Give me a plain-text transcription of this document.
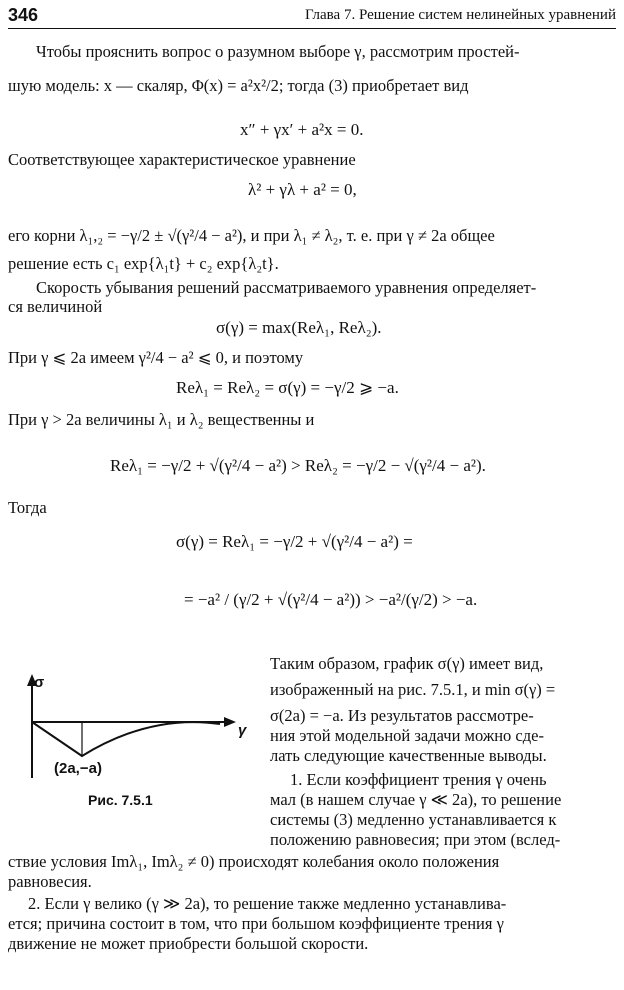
346	Глава 7. Решение систем нелинейных уравнений
Чтобы прояснить вопрос о разумном выборе γ, рассмотрим простей-
шую модель: x — скаляр, Φ(x) = a²x²/2; тогда (3) приобретает вид
x″ + γx′ + a²x = 0.
Соответствующее характеристическое уравнение
λ² + γλ + a² = 0,
его корни λ₁,₂ = −γ/2 ± √(γ²/4 − a²), и при λ₁ ≠ λ₂, т. е. при γ ≠ 2a общее
решение есть c₁ exp{λ₁t} + c₂ exp{λ₂t}.
Скорость убывания решений рассматриваемого уравнения определяет-
ся величиной
σ(γ) = max(Reλ₁, Reλ₂).
При γ ⩽ 2a имеем γ²/4 − a² ⩽ 0, и поэтому
Reλ₁ = Reλ₂ = σ(γ) = −γ/2 ⩾ −a.
При γ > 2a величины λ₁ и λ₂ вещественны и
Reλ₁ = −γ/2 + √(γ²/4 − a²) > Reλ₂ = −γ/2 − √(γ²/4 − a²).
Тогда
σ(γ) = Reλ₁ = −γ/2 + √(γ²/4 − a²) =
= −a² / (γ/2 + √(γ²/4 − a²)) > −a²/(γ/2) > −a.
σ
γ
(2a,−a)
Рис. 7.5.1
Таким образом, график σ(γ) имеет вид,
изображенный на рис. 7.5.1, и min σ(γ) =
σ(2a) = −a. Из результатов рассмотре-
ния этой модельной задачи можно сде-
лать следующие качественные выводы.
1. Если коэффициент трения γ очень
мал (в нашем случае γ ≪ 2a), то решение
системы (3) медленно устанавливается к
положению равновесия; при этом (вслед-
ствие условия Imλ₁, Imλ₂ ≠ 0) происходят колебания около положения
равновесия.
2. Если γ велико (γ ≫ 2a), то решение также медленно устанавлива-
ется; причина состоит в том, что при большом коэффициенте трения γ
движение не может приобрести большой скорости.
